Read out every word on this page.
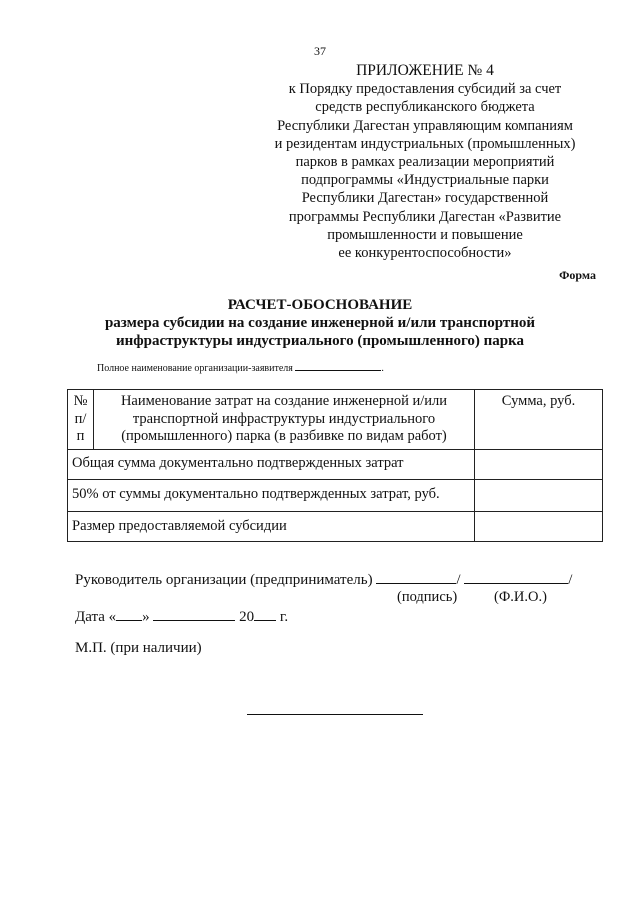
37
ПРИЛОЖЕНИЕ № 4
к Порядку предоставления субсидий за счет
средств республиканского бюджета
Республики Дагестан управляющим компаниям
и резидентам индустриальных (промышленных)
парков в рамках реализации мероприятий
подпрограммы «Индустриальные парки
Республики Дагестан» государственной
программы Республики Дагестан «Развитие
промышленности и повышение
ее конкурентоспособности»
Форма
РАСЧЕТ-ОБОСНОВАНИЕ
размера субсидии на создание инженерной и/или транспортной
инфраструктуры индустриального (промышленного) парка
Полное наименование организации-заявителя	.
№
п/
п	Наименование затрат на создание инженерной и/или транспортной инфраструктуры индустриального (промышленного) парка (в разбивке по видам работ)	Сумма, руб.
Общая сумма документально подтвержденных затрат		
50% от суммы документально подтвержденных затрат, руб.		
Размер предоставляемой субсидии		
Руководитель организации (предприниматель)	/	/
(подпись)	(Ф.И.О.)
Дата « »	20 г.
М.П. (при наличии)
